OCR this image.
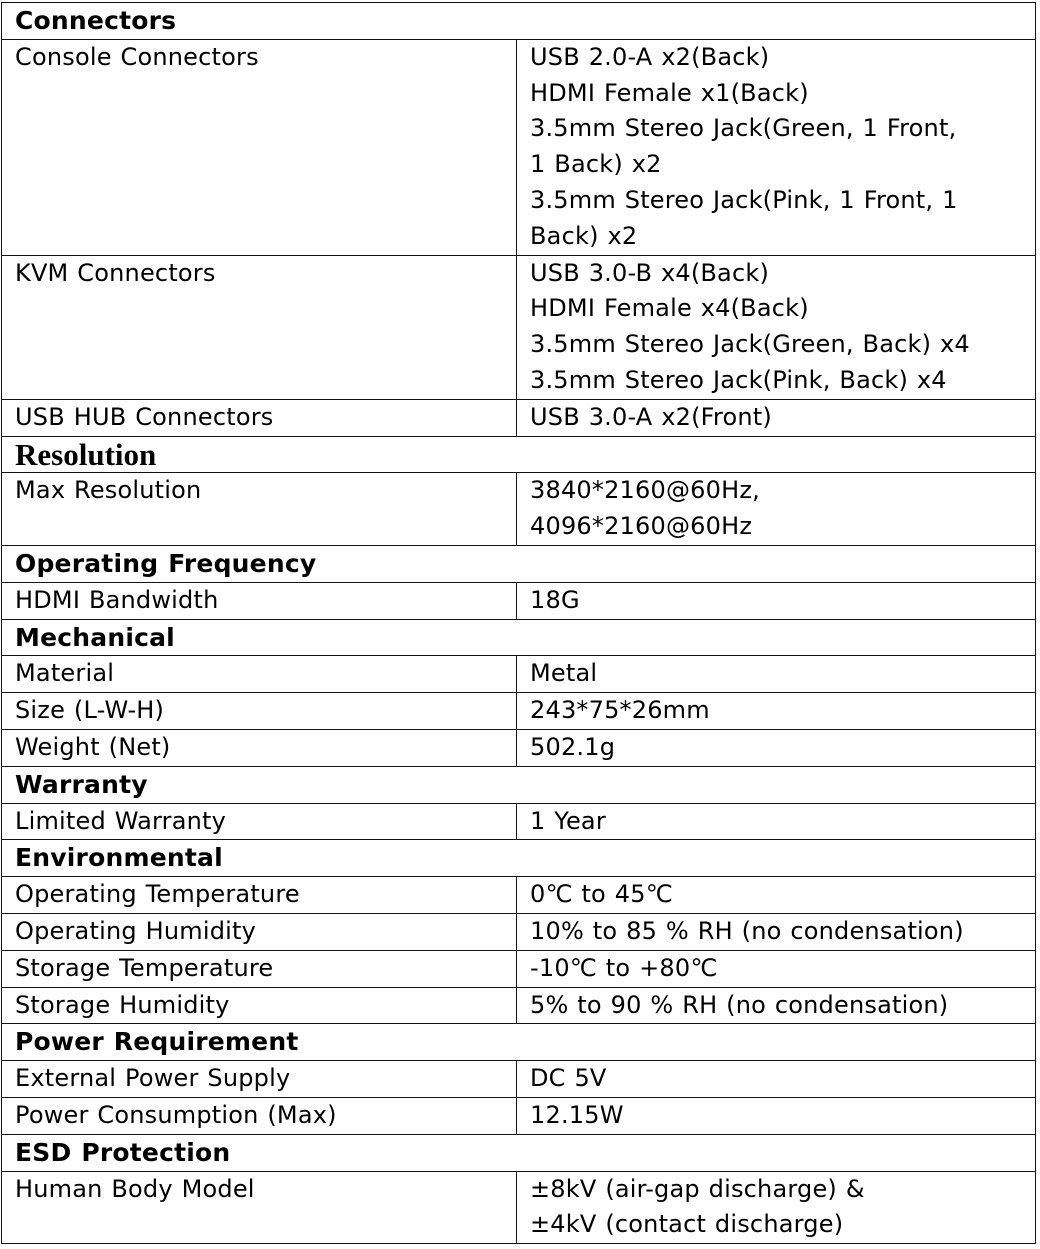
Connectors	
Console Connectors	USB 2.0-A x2(Back)
HDMI Female x1(Back)
3.5mm Stereo Jack(Green, 1 Front,
1 Back) x2
3.5mm Stereo Jack(Pink, 1 Front, 1
Back) x2

KVM Connectors	USB 3.0-B x4(Back)
HDMI Female x4(Back)
3.5mm Stereo Jack(Green, Back) x4
3.5mm Stereo Jack(Pink, Back) x4

USB HUB Connectors	USB 3.0-A x2(Front)

Resolution	
Max Resolution	3840*2160@60Hz,
4096*2160@60Hz

Operating Frequency	
HDMI Bandwidth	18G

Mechanical	
Material	Metal

Size (L-W-H)	243*75*26mm

Weight (Net)	502.1g

Warranty	
Limited Warranty	1 Year

Environmental	
Operating Temperature	0℃ to 45℃

Operating Humidity	10% to 85 % RH (no condensation)

Storage Temperature	-10℃ to +80℃

Storage Humidity	5% to 90 % RH (no condensation)

Power Requirement	
External Power Supply	DC 5V

Power Consumption (Max)	12.15W

ESD Protection	
Human Body Model	±8kV (air-gap discharge) &
±4kV (contact discharge)
